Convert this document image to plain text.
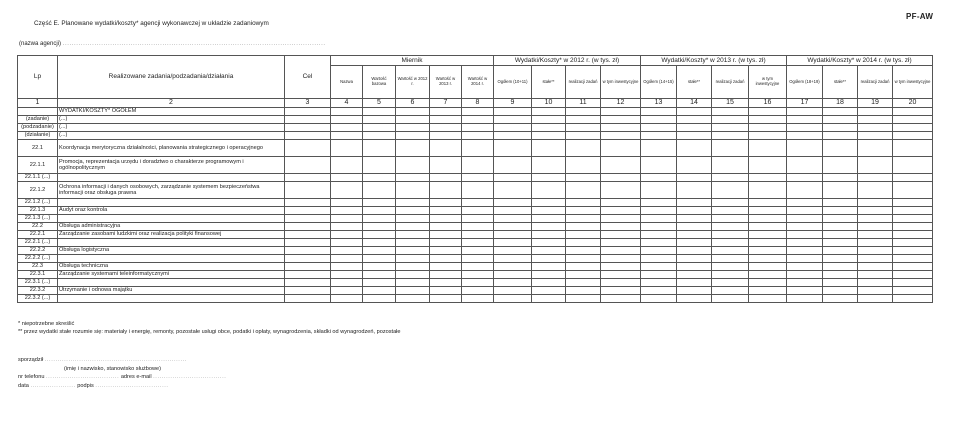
PF-AW
Część E. Planowane wydatki/koszty* agencji wykonawczej w układzie zadaniowym
(nazwa agencji) ....................................................................................................................
Lp	Realizowane zadania/podzadania/działania	Cel	Miernik					Wydatki/Koszty* w 2012 r. (w tys. zł)				Wydatki/Koszty* w 2013 r. (w tys. zł)				Wydatki/Koszty* w 2014 r. (w tys. zł)			
			Nazwa	Wartość bazowa	Wartość w 2012 r.	Wartość w 2013 r.	Wartość w 2014 r.	Ogółem (10+11)	stałe**	realizacji zadań	w tym inwestycyjne	Ogółem (14+15)	stałe**	realizacji zadań	w tym inwestycyjne	Ogółem (18+19)	stałe**	realizacji zadań	w tym inwestycyjne
1	2	3	4	5	6	7	8	9	10	11	12	13	14	15	16	17	18	19	20
	WYDATKI/KOSZTY* OGÓŁEM																		
(zadanie)	(...)																		
(podzadanie)	(...)																		
(działanie)	(...)																		
22.1	Koordynacja merytoryczna działalności, planowania strategicznego i operacyjnego																		
22.1.1	Promocja, reprezentacja urzędu i doradztwo o charakterze programowym i ogólnopolitycznym																		
22.1.1 (...)																			
22.1.2	Ochrona informacji i danych osobowych, zarządzanie systemem bezpieczeństwa informacji oraz obsługa prawna																		
22.1.2 (...)																			
22.1.3	Audyt oraz kontrola																		
22.1.3 (...)																			
22.2	Obsługa administracyjna																		
22.2.1	Zarządzanie zasobami ludzkimi oraz realizacja polityki finansowej																		
22.2.1 (...)																			
22.2.2	Obsługa logistyczna																		
22.2.2 (...)																			
22.3	Obsługa techniczna																		
22.3.1	Zarządzanie systemami teleinformatycznymi																		
22.3.1 (...)																			
22.3.2	Utrzymanie i odnowa majątku																		
22.3.2 (...)																			
* niepotrzebne skreślić
** przez wydatki stałe rozumie się: materiały i energię, remonty, pozostałe usługi obce, podatki i opłaty, wynagrodzenia, składki od wynagrodzeń, pozostałe
sporządził ..................................................................
(imię i nazwisko, stanowisko służbowe)
nr telefonu .................................. adres e-mail ..................................
data ..................... podpis ..................................
